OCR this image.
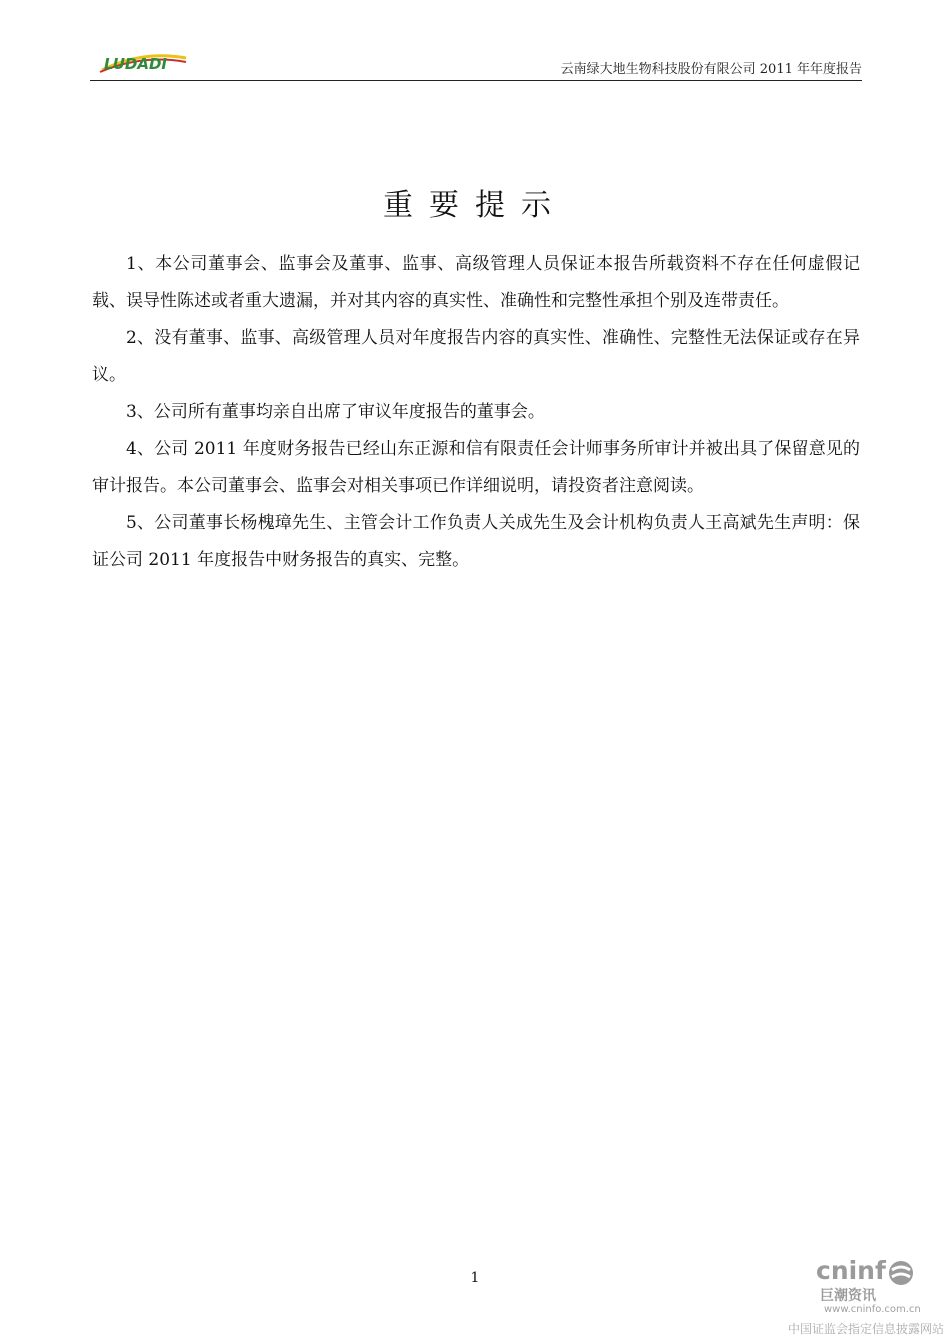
LUDADI	云南绿大地生物科技股份有限公司 2011 年年度报告
重要提示

1、本公司董事会、监事会及董事、监事、高级管理人员保证本报告所载资料不存在任何虚假记载、误导性陈述或者重大遗漏，并对其内容的真实性、准确性和完整性承担个别及连带责任。

2、没有董事、监事、高级管理人员对年度报告内容的真实性、准确性、完整性无法保证或存在异议。

3、公司所有董事均亲自出席了审议年度报告的董事会。

4、公司 2011 年度财务报告已经山东正源和信有限责任会计师事务所审计并被出具了保留意见的审计报告。本公司董事会、监事会对相关事项已作详细说明，请投资者注意阅读。

5、公司董事长杨槐璋先生、主管会计工作负责人关成先生及会计机构负责人王高斌先生声明：保证公司 2011 年度报告中财务报告的真实、完整。

1	cninf
巨潮资讯
www.cninfo.com.cn
中国证监会指定信息披露网站
